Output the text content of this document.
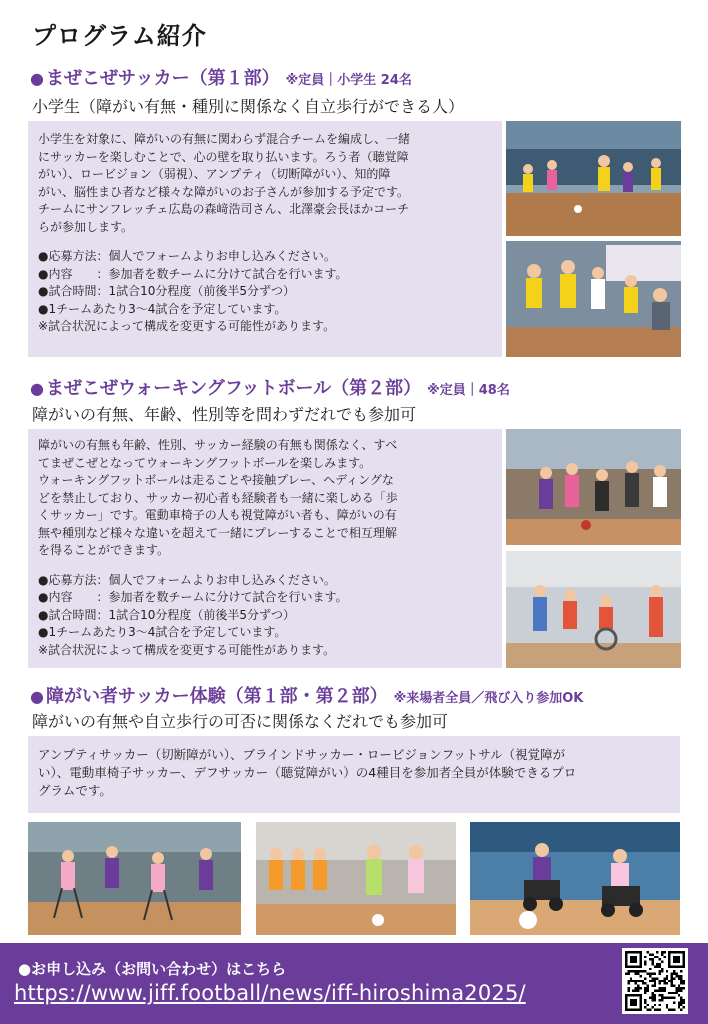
プログラム紹介
● まぜこぜサッカー（第１部） ※定員｜小学生 24名
小学生（障がい有無・種別に関係なく自立歩行ができる人）

小学生を対象に、障がいの有無に関わらず混合チームを編成し、一緒

にサッカーを楽しむことで、心の壁を取り払います。ろう者（聴覚障

がい）、ロービジョン（弱視）、アンプティ（切断障がい）、知的障

がい、脳性まひ者など様々な障がいのお子さんが参加する予定です。

チームにサンフレッチェ広島の森﨑浩司さん、北澤豪会長ほかコーチ

らが参加します。

●応募方法：個人でフォームよりお申し込みください。

●内容　　：参加者を数チームに分けて試合を行います。

●試合時間：1試合10分程度（前後半5分ずつ）

●1チームあたり3～4試合を予定しています。

※試合状況によって構成を変更する可能性があります。

● まぜこぜウォーキングフットボール（第２部） ※定員｜48名
障がいの有無、年齢、性別等を問わずだれでも参加可

障がいの有無も年齢、性別、サッカー経験の有無も関係なく、すべ

てまぜこぜとなってウォーキングフットボールを楽しみます。

ウォーキングフットボールは走ることや接触プレー、ヘディングな

どを禁止しており、サッカー初心者も経験者も一緒に楽しめる「歩

くサッカー」です。電動車椅子の人も視覚障がい者も、障がいの有

無や種別など様々な違いを超えて一緒にプレーすることで相互理解

を得ることができます。

●応募方法：個人でフォームよりお申し込みください。

●内容　　：参加者を数チームに分けて試合を行います。

●試合時間：1試合10分程度（前後半5分ずつ）

●1チームあたり3～4試合を予定しています。

※試合状況によって構成を変更する可能性があります。

● 障がい者サッカー体験（第１部・第２部） ※来場者全員／飛び入り参加OK
障がいの有無や自立歩行の可否に関係なくだれでも参加可

アンプティサッカー（切断障がい）、ブラインドサッカー・ロービジョンフットサル（視覚障が

い）、電動車椅子サッカー、デフサッカー（聴覚障がい）の4種目を参加者全員が体験できるプロ

グラムです。

●お申し込み（お問い合わせ）はこちら
https://www.jiff.football/news/iff-hiroshima2025/
